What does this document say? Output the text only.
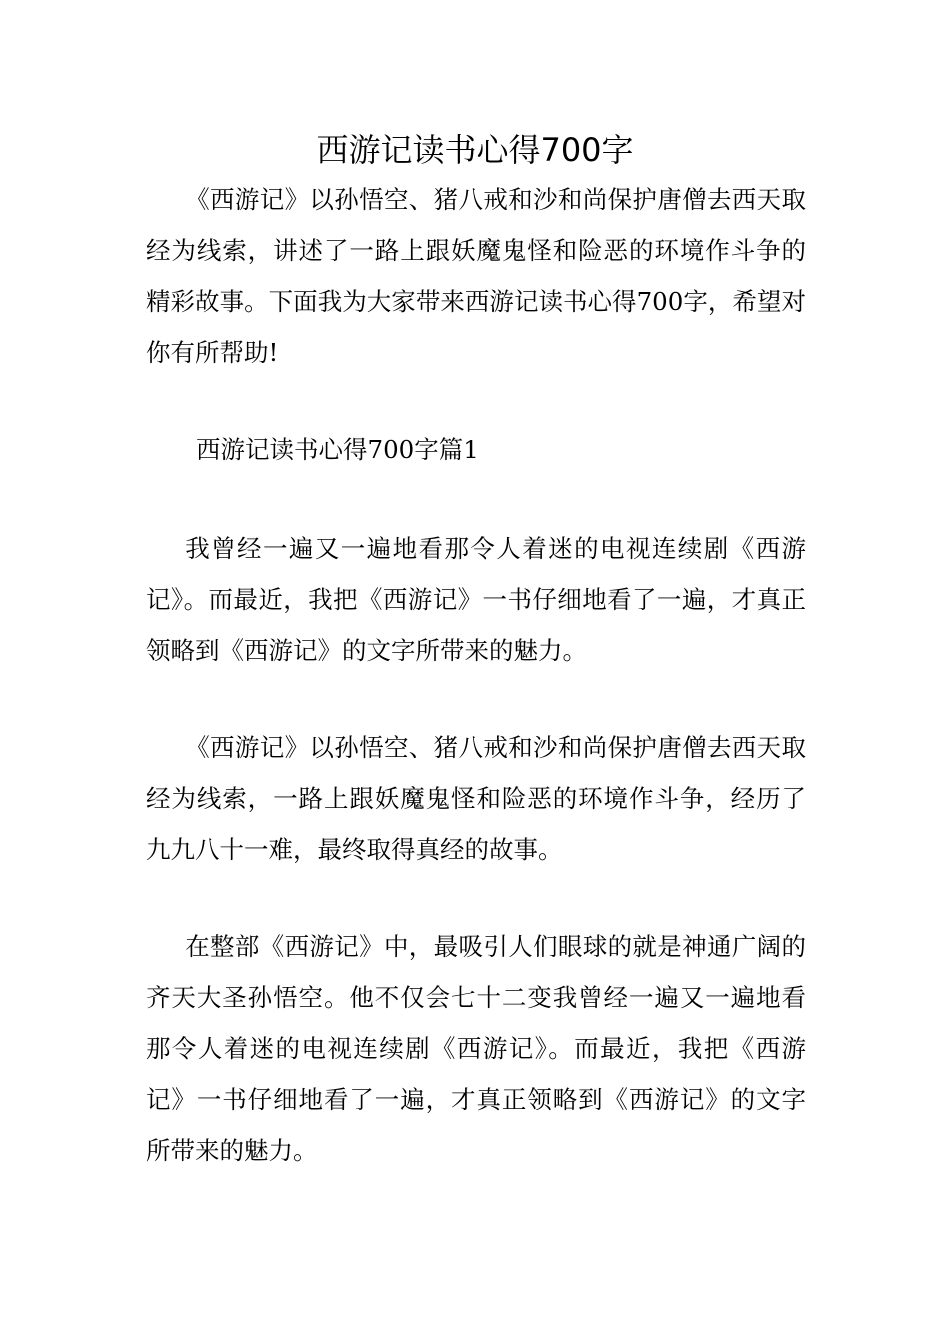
西游记读书心得700字
《西游记》以孙悟空、猪八戒和沙和尚保护唐僧去西天取经为线索，讲述了一路上跟妖魔鬼怪和险恶的环境作斗争的精彩故事。下面我为大家带来西游记读书心得700字，希望对你有所帮助!
西游记读书心得700字篇1
我曾经一遍又一遍地看那令人着迷的电视连续剧《西游记》。而最近，我把《西游记》一书仔细地看了一遍，才真正领略到《西游记》的文字所带来的魅力。
《西游记》以孙悟空、猪八戒和沙和尚保护唐僧去西天取经为线索，一路上跟妖魔鬼怪和险恶的环境作斗争，经历了九九八十一难，最终取得真经的故事。
在整部《西游记》中，最吸引人们眼球的就是神通广阔的齐天大圣孙悟空。他不仅会七十二变我曾经一遍又一遍地看那令人着迷的电视连续剧《西游记》。而最近，我把《西游记》一书仔细地看了一遍，才真正领略到《西游记》的文字所带来的魅力。
